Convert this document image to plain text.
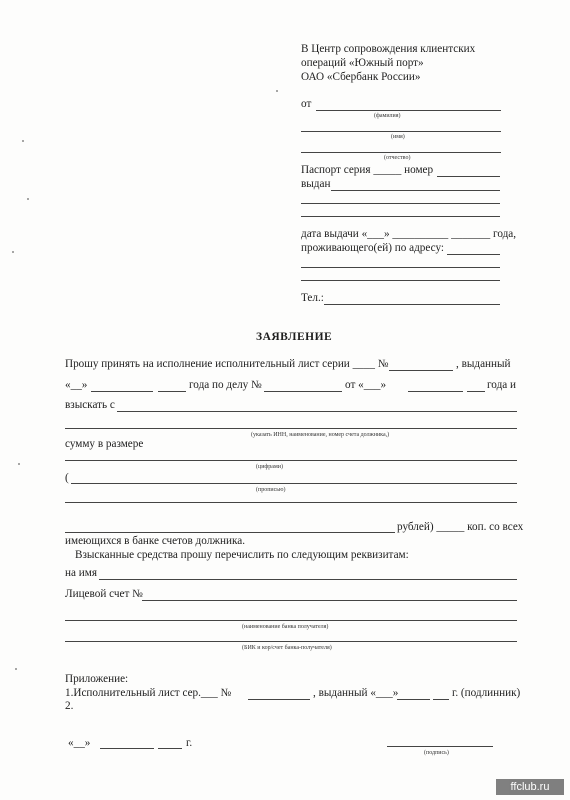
В Центр сопровождения клиентских
операций «Южный порт»
ОАО «Сбербанк России»
от
(фамилия)
(имя)
(отчество)
Паспорт серия _____ номер
выдан
дата выдачи «___» __________ _______ года,
проживающего(ей) по адресу:
Тел.:
ЗАЯВЛЕНИЕ
Прошу принять на исполнение исполнительный лист серии ____ №	, выданный
«__»	года по делу №	от «___»	года и
взыскать с
(указать ИНН, наименование, номер счета должника,)
сумму в размере
(цифрами)
(
(прописью)
рублей) _____ коп. со всех
имеющихся в банке счетов должника.
Взысканные средства прошу перечислить по следующим реквизитам:
на имя
Лицевой счет №
(наименование банка получателя)
(БИК и кор/счет банка-получателя)
Приложение:
1.Исполнительный лист сер.___ №	, выданный «___»	г. (подлинник)
2.
«__»	г.
(подпись)
ffclub.ru
